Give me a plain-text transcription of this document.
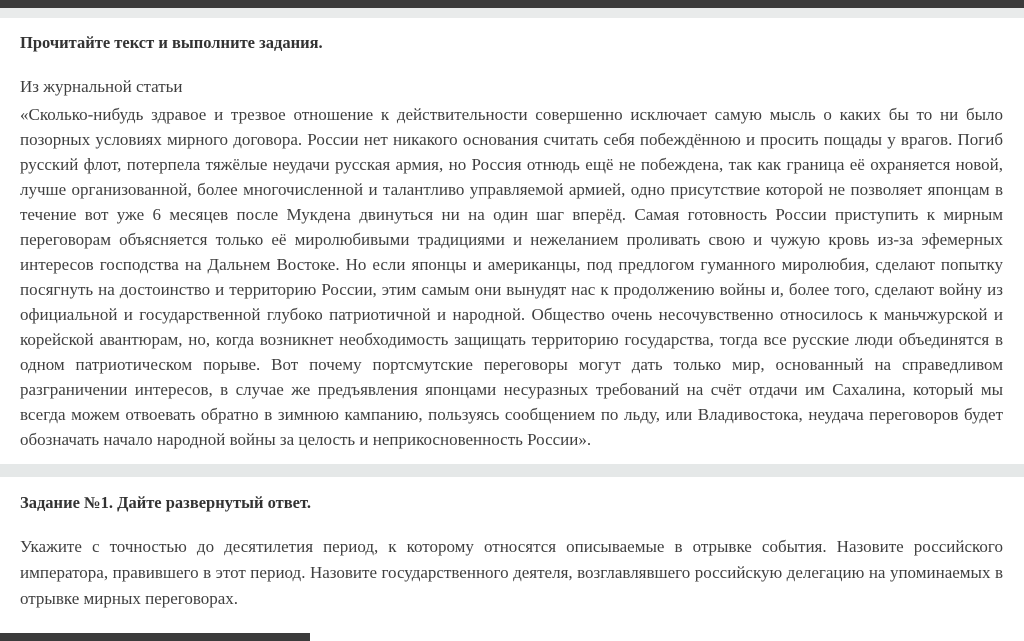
Прочитайте текст и выполните задания.
Из журнальной статьи
«Сколько-нибудь здравое и трезвое отношение к действительности совершенно исключает самую мысль о каких бы то ни было позорных условиях мирного договора. России нет никакого основания считать себя побеждённою и просить пощады у врагов. Погиб русский флот, потерпела тяжёлые неудачи русская армия, но Россия отнюдь ещё не побеждена, так как граница её охраняется новой, лучше организованной, более многочисленной и талантливо управляемой армией, одно присутствие которой не позволяет японцам в течение вот уже 6 месяцев после Мукдена двинуться ни на один шаг вперёд. Самая готовность России приступить к мирным переговорам объясняется только её миролюбивыми традициями и нежеланием проливать свою и чужую кровь из-за эфемерных интересов господства на Дальнем Востоке. Но если японцы и американцы, под предлогом гуманного миролюбия, сделают попытку посягнуть на достоинство и территорию России, этим самым они вынудят нас к продолжению войны и, более того, сделают войну из официальной и государственной глубоко патриотичной и народной. Общество очень несочувственно относилось к маньчжурской и корейской авантюрам, но, когда возникнет необходимость защищать территорию государства, тогда все русские люди объединятся в одном патриотическом порыве. Вот почему портсмутские переговоры могут дать только мир, основанный на справедливом разграничении интересов, в случае же предъявления японцами несуразных требований на счёт отдачи им Сахалина, который мы всегда можем отвоевать обратно в зимнюю кампанию, пользуясь сообщением по льду, или Владивостока, неудача переговоров будет обозначать начало народной войны за целость и неприкосновенность России».
Задание №1. Дайте развернутый ответ.
Укажите с точностью до десятилетия период, к которому относятся описываемые в отрывке события. Назовите российского императора, правившего в этот период. Назовите государственного деятеля, возглавлявшего российскую делегацию на упоминаемых в отрывке мирных переговорах.
